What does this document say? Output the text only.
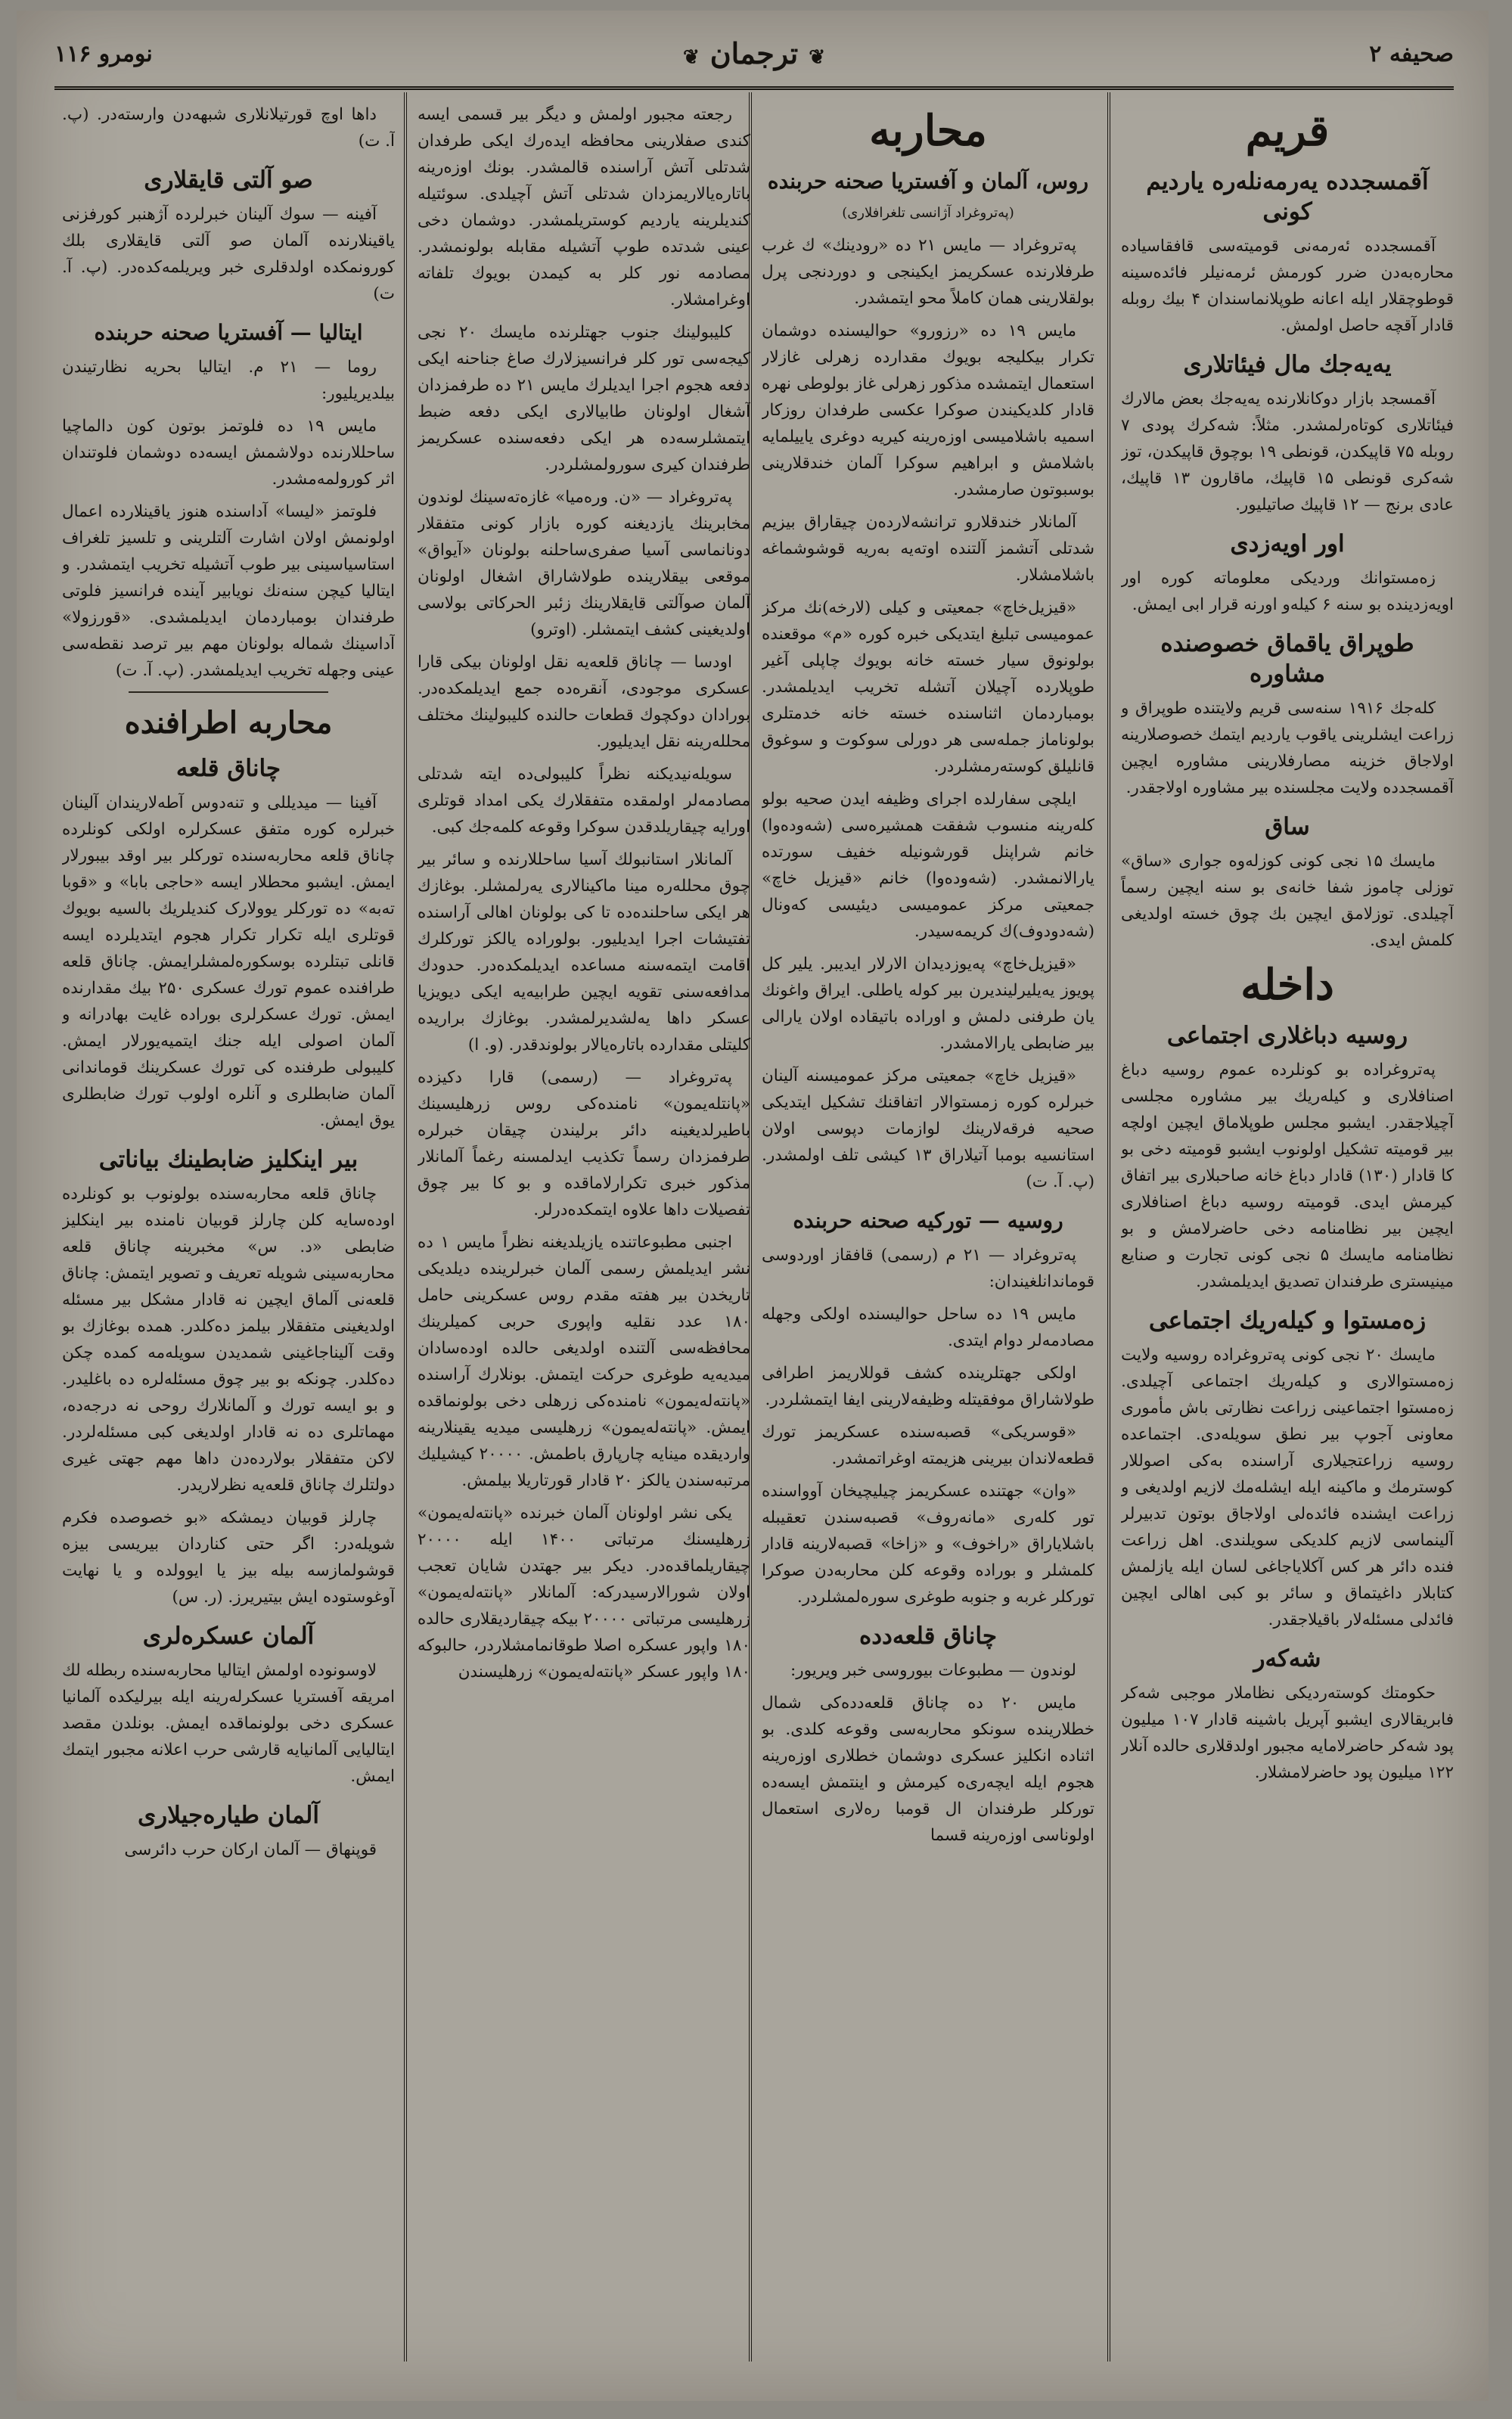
صحیفه ۲
❦ ترجمان ❦
نومرو ۱۱۶
قریم
آقمسجدده یه‌رمه‌نله‌ره یاردیم کونی

آقمسجدده ئه‌رمه‌نی قومیته‌سی قافقاسیاده محاره‌به‌دن ضرر کورمش ئرمه‌نیلر فائده‌سینه قوطوچقلار ایله اعانه طوپلانماسندان ۴ بیك روبله قادار آقچه حاصل اولمش.

یه‌یه‌جك مال فیئاتلاری

آقمسجد بازار دوکانلارنده یه‌یه‌جك بعض مالارك فیئاتلاری کوتاه‌رلمشدر. مثلاً: شه‌کرك پودی ۷ روبله ۷۵ قاپیکدن، قونطی ۱۹ بوچوق قاپیکدن، توز شه‌کری قونطی ۱۵ قاپیك، ماقارون ۱۳ قاپیك، عادی برنج — ۱۲ قاپیك صاتیلیور.

اور او‌یه‌زدی

زه‌مستوانك وردیکی معلوماته کوره اور او‌یه‌زدینده بو سنه ۶ کیله‌و اورنه قرار ابی ایمش.

طوپراق یاقماق خصوصنده مشاوره

کله‌جك ۱۹۱۶ سنه‌سی قریم ولایتنده طوپراق و زراعت ایشلرینی یاقوب یاردیم ایتمك خصوصلارینه اولاجاق خزینه مصارفلارینی مشاوره ایچین آقمسجدده ولایت مجلسنده بیر مشاوره اولاجقدر.

ساق

مایسك ۱۵ نجی کونی کوزله‌وه جواری «ساق» توزلی چاموز شفا خانه‌ی بو سنه ایچین رسماً آچیلدی. توزلامق ایچین بك چوق خسته اولدیغی کلمش ایدی.

داخله
روسیه دباغلاری اجتماعی

په‌تروغراده بو کونلرده عموم روسیه دباغ اصنافلاری و کیله‌ریك بیر مشاوره مجلسی آچیلاجقدر. ایشبو مجلس طوپلاماق ایچین اولچه بیر قومیته تشکیل اولونوب ایشبو قومیته دخی بو کا قادار (۱۳۰) قادار دباغ خانه صاحبلاری بیر اتفاق کیرمش ایدی. قومیته روسیه دباغ اصنافلاری ایچین بیر نظامنامه دخی حاضرلامش و بو نظامنامه مایسك ۵ نجی کونی تجارت و صنایع مینیستری طرفندان تصدیق ایدیلمشدر.

زه‌مستوا و کیله‌ریك اجتماعی

مایسك ۲۰ نجی کونی په‌تروغراده روسیه ولایت زه‌مستوالاری و کیله‌ریك اجتماعی آچیلدی. زه‌مستوا اجتماعینی زراعت نظارتی باش مأموری معاونی آجوپ بیر نطق سویله‌دی. اجتماعده روسیه زراعتجیلاری آراسنده به‌کی اصوللار کوسترمك و ماکینه ایله ایشله‌مك لازیم اولدیغی و زراعت ایشنده فائده‌لی اولاجاق بوتون تدبیرلر آلینماسی لازیم کلدیکی سویلندی. اهل زراعت فنده دائر هر کس آکلایاجاغی لسان ایله یازلمش کتابلار داغیتماق و سائر بو کبی اهالی ایچین فائدلی مسئله‌لار باقیلاجقدر.

شه‌که‌ر

حکومتك کوسته‌ردیکی نظاملار موجبی شه‌کر فابریقالاری ایشبو آپریل باشینه قادار ۱۰۷ میلیون پود شه‌کر حاضرلامایه مجبور اولدقلاری حالده آنلار ۱۲۲ میلیون پود حاضرلامشلار.

محاربه
روس، آلمان و آفستریا صحنه‌ حربنده
(په‌تروغراد آژانسی تلغرافلاری)

په‌تروغراد — مایس ۲۱ ده «رودینك» ك غرب طرفلارنده عسکریمز ایکینجی و دوردنجی پرل بولقلارینی همان کاملاً محو ایتمشدر.

مایس ۱۹ ده «رزورو» حوالیسنده دوشمان تکرار بیکلیجه بویوك مقدارده زهرلی غازلار استعمال ایتمشده مذکور زهرلی غاز بولوطی نهره قادار کلدیکیندن صوکرا عکسی طرفدان روزکار اسمیه باشلامیسی اوزه‌رینه کیریه دوغری یاییلمایه باشلامش و ابراهیم سوکرا آلمان خندقلارینی بوسبوتون صارمشدر.

آلمانلار خندقلارو ترانشه‌لارده‌ن چیقاراق بیزیم شدتلی آتشمز آلتنده اوته‌یه به‌ریه قوشوشماغه باشلامشلار.

«قیزیل‌خاچ» جمعیتی و کیلی (لارخه)نك مرکز عمومیسی تبلیغ ایتدیکی خبره کوره «م» موقعنده بولونوق سیار خسته خانه بویوك چاپلی آغیر طوپلارده آچیلان آتشله تخریب ایدیلمشدر. بومباردمان اثناسنده خسته خانه خدمتلری بولوناماز جمله‌سی هر دورلی سوکوت و سوغوق قانلیلق کوسته‌رمشلردر.

ایلچی سفارلده اجرای وظیفه ایدن صحیه بولو کله‌رینه منسوب شفقت همشیره‌سی (شه‌وده‌وا) خانم شراپنل قورشونیله خفیف سورتده یارالانمشدر. (شه‌وده‌وا) خانم «قیزیل خاچ» جمعیتی مرکز عمومیسی دیئیسی که‌ونال (شه‌دودوف)ك کریمه‌سیدر.

«قیزیل‌خاچ» په‌یوزدیدان الارلار ایدیبر. یلیر کل پویوز یه‌یلیرلیندیرن بیر کوله یاطلی. ایراق واغونك یان طرفنی دلمش و اوراده باتیقاده اولان یارالی بیر ضابطی یارالامشدر.

«قیزیل خاچ» جمعیتی مرکز عمومیسنه آلینان خبرلره کوره زمستوالار اتفاقنك تشکیل ایتدیکی صحیه فرقه‌لارینك لوازمات دپوسی اولان استانسیه بومبا آتیلاراق ۱۳ کیشی تلف اولمشدر. (پ. آ. ت)

روسیه — تورکیه صحنه‌ حربنده

په‌تروغراد — ۲۱ م (رسمی) قافقاز اوردوسی قوماندانلغیندان:

مایس ۱۹ ده ساحل حوالیسنده اولکی وجهله مصادمه‌لر دوام ایتدی.

اولکی جهتلرینده کشف قوللاریمز اطرافی طولاشاراق موفقیتله وظیفه‌لارینی ایفا ایتمشلردر.

«قوسریکی» قصبه‌سنده عسکریمز تورك قطعه‌لاندان بیرینی هزیمته اوغراتمشدر.

«وان» جهتنده عسکریمز چیلیچیخان آوواسنده تور کله‌ری «مانه‌روف» قصبه‌سندن تعقیبله باشلایاراق «راخوف» و «زاخا» قصبه‌لارینه قادار کلمشلر و بوراده وقوعه کلن محاربه‌دن صوکرا تورکلر غربه و جنوبه طوغری سوره‌لمشلردر.

چاناق قلعه‌دده

لوندون — مطبوعات بیوروسی خبر ویر‌یور:

مایس ۲۰ ده چاناق قلعه‌دده‌کی شمال خطلارینده سونکو محاربه‌سی وقوعه کلدی. بو اثناده انکلیز عسکری دوشمان خطلاری اوزه‌رینه هجوم ایله ایچه‌ری‌ه کیرمش و اینتمش ایسه‌ده تورکلر طرفندان ال قومبا ره‌لاری استعمال اولوناسی اوزه‌رینه قسما

رجعته مجبور اولمش و دیگر بیر قسمی ایسه کندی صفلارینی محافظه ایده‌رك ایکی طرفدان شدتلی آتش آراسنده قالمشدر. بونك اوزه‌رینه باتاره‌یالاریمزدان شدتلی آتش آچیلدی. سوئتیله کندیلرینه یاردیم کوستریلمشدر. دوشمان دخی عینی شدتده طوپ آتشیله مقابله بولونمشدر. مصادمه نور کلر به کیمدن بویوك تلفاته اوغرامشلار.

کلیبولینك جنوب جهتلرنده مایسك ۲۰ نجی کیجه‌سی تور کلر فرانسیزلارك صاغ جناحنه ایکی دفعه هجوم اجرا ایدیلرك مایس ۲۱ ده طرفمزدان آشغال اولونان طابیالاری ایکی دفعه ضبط ایتمشلرسه‌ده هر ایکی دفعه‌سنده عسکریمز طرفندان کیری سورولمشلردر.

په‌تروغراد — «ن. وره‌میا» غازه‌ته‌سینك لوندون مخابرینك یازدیغنه کوره بازار کونی متفقلار دونانماسی آسیا صفری‌ساحلنه بولونان «آیواق» موقعی بیقلارینده طولاشاراق اشغال اولونان آلمان صوآلتی قایقلارینك زئبر الحرکاتی بولاسی اولدیغینی کشف ایتمشلر. (اوترو)

اودسا — چاناق قلعه‌یه نقل اولونان بیکی قارا عسکری موجودی، آنقره‌ده جمع ایدیلمکده‌در. بورادان دوکچوك قطعات حالنده کلیبولینك مختلف محلله‌رینه نقل ایدیلیور.

سویله‌نیدیکنه نظراً کلیبولی‌ده ایته شدتلی مصادمه‌لر اولمقده متفقلارك یکی امداد قوتلری اورایه چیقاریلدقدن سوکرا وقوعه کلمه‌جك کبی.

آلمانلار استانبولك آسیا ساحللارنده و سائر بیر چوق محلله‌ره مینا ماکینالاری یه‌رلمشلر. بوغازك هر ایکی ساحلنده‌ده تا کی بولونان اهالی آراسنده تفتیشات اجرا ایدیلیور. بولوراده یالکز تورکلرك اقامت ایتمه‌سنه مساعده ایدیلمکده‌در. حدودك مدافعه‌سنی تقویه ایچین طرابیه‌یه ایکی دیویزیا عسکر داها یه‌لشدیرلمشدر. بوغازك براریده کلیتلی مقدارده باتاره‌یالار بولوندقدر. (و. ا)

په‌تروغراد — (رسمی) قارا دکیزده «پانتله‌یمون» نامنده‌کی روس زرهلیسینك باطیرلدیغینه دائر برلیندن چیقان خبرلره طرفمزدان رسماً تکذیب ایدلمسنه رغماً آلمانلار مذکور خبری تکرارلاماقده و بو کا بیر چوق تفصیلات داها علاوه ایتمکده‌درلر.

اجنبی مطبوعاتنده یازیلدیغنه نظراً مایس ۱ ده نشر ایدیلمش رسمی آلمان خبرلرینده دیلدیکی تاریخدن بیر هفته مقدم روس عسکرینی حامل ۱۸۰ عدد نقلیه واپوری حربی کمیلرینك محافظه‌سی آلتنده اولدیغی حالده اوده‌سادان میدیه‌یه طوغری حرکت ایتمش. بونلارك آراسنده «پانته‌له‌یمون» نامنده‌کی زرهلی دخی بولونماقده ایمش. «پانته‌له‌یمون» زرهلیسی میدیه یقینلارینه واردیقده مینایه چارپارق باطمش. ۲۰۰۰۰ کیشیلیك مرتبه‌سندن یالکز ۲۰ قادار قورتاریلا بیلمش.

یکی نشر اولونان آلمان خبرنده «پانته‌له‌یمون» زرهلیسنك مرتباتی ۱۴۰۰ ایله ۲۰۰۰۰ چیقاریلماقده‌در. دیکر بیر جهتدن شایان تعجب اولان شورالارسیدرکه: آلمانلار «پانته‌له‌یمون» زرهلیسی مرتباتی ۲۰۰۰۰ بیکه چیقاردیقلاری حالده ۱۸۰ واپور عسکره اصلا طوقانمامشلاردر، حالبوکه ۱۸۰ واپور عسکر «پانته‌له‌یمون» زرهلیسندن

داها اوچ قورتیلانلاری شبهه‌دن وارسته‌در. (پ. آ. ت)

صو آلتی قایقلاری

آفینه — سوك آلینان خبرلرده آژهنبر کورفزنی یاقینلارنده آلمان صو آلتی قایقلاری بلك کورونمکده اولدقلری خبر ویریلمه‌کده‌در. (پ. آ. ت)

ایتالیا — آفستریا صحنه‌ حربنده

روما — ۲۱ م. ایتالیا بحریه نظارتیندن بیلدیریلیور:

مایس ۱۹ ده فلوتمز بوتون کون دالماچیا ساحللارنده دولاشمش ایسه‌ده دوشمان فلوتندان اثر کورولمه‌مشدر.

فلوتمز «لیسا» آداسنده هنوز یاقینلارده اعمال اولونمش اولان اشارت آلتلرینی و تلسیز تلغراف استاسیاسینی بیر طوب آتشیله تخریب ایتمشدر. و ایتالیا کیچن سنه‌نك نویابیر آینده فرانسیز فلوتی طرفندان بومباردمان ایدیلمشدی. «قورزولا» آداسینك شماله بولونان مهم بیر ترصد نقطه‌سی عینی وجهله تخریب ایدیلمشدر. (پ. آ. ت)

محاربه اطرافنده
چاناق قلعه

آفینا — میدیللی و تنه‌دوس آطه‌لاریندان آلینان خبرلره کوره متفق عسکرلره اولکی کونلرده چاناق قلعه محاربه‌سنده تورکلر بیر اوقد بیبورلار ایمش. ایشبو محطلار ایسه «حاجی بابا» و «قوبا ته‌به» ده تورکلر یوولارک کندیلریك بالسیه بویوك قوتلری ایله تکرار تکرار هجوم ایتدیلرده ایسه قانلی تبتلرده بوسکوره‌لمشلرایمش. چاناق قلعه طرافنده عموم تورك عسکری ۲۵۰ بیك مقدارنده ایمش. تورك عسکرلری بوراده غایت بهادرانه و آلمان اصولی ایله جنك ایتمیه‌یورلار ایمش. کلیبولی طرفنده کی تورك عسکرینك قوماندانی آلمان ضابطلری و آنلره اولوب تورك ضابطلری یوق ایمش.

بیر اینکلیز ضابطینك بیاناتی

چاناق قلعه محاربه‌سنده بولونوب بو کونلرده اوده‌سایه کلن چارلز قوبیان نامنده بیر اینکلیز ضابطی «د. س» مخبرینه چاناق قلعه محاربه‌سینی شویله تعریف و تصویر ایتمش: چاناق قلعه‌نی آلماق ایچین نه قادار مشکل بیر مسئله اولدیغینی متفقلار بیلمز ده‌کلدر. همده بوغازك بو وقت آلیناجاغینی شمدیدن سویله‌مه کمده چکن ده‌کلدر. چونکه بو بیر چوق مسئله‌لره ده باغلیدر. و بو ایسه تورك و آلمانلارك روحی نه درجه‌ده، مهماتلری ده نه قادار اولدیغی کبی مسئله‌لردر. لاکن متفقلار بولارده‌دن داها مهم جهتی غیری دولتلرك چاناق قلعه‌یه نظرلاریدر.

چارلز قوبیان دیمشکه «بو خصوصده فکرم شویله‌در: اگر حتی کناردان بیریسی بیزه قوشولمازسه بیله بیز یا ایوولده و یا نهایت آوغوستوده ایش بیتیریرز. (ر. س)

آلمان عسکره‌لری

لاوسونوده اولمش ایتالیا محاربه‌سنده ربطله لك امریقه آفستریا عسکرله‌رینه ایله بیرلیکده آلمانیا عسکری دخی بولونماقده ایمش. بونلدن مقصد ایتالیایی آلمانیایه قارشی حرب اعلانه مجبور ایتمك ایمش.

آلمان طیاره‌جیلاری

قوپنهاق — آلمان ارکان حرب دائرسی
